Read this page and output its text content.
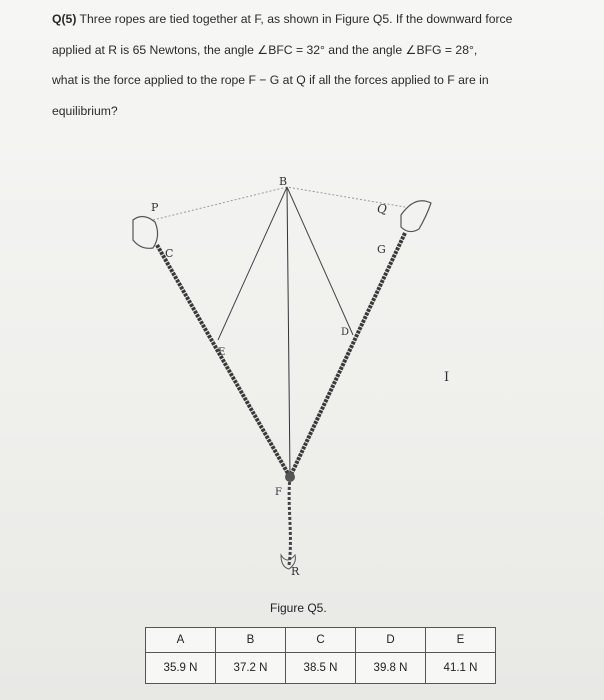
Q(5) Three ropes are tied together at F, as shown in Figure Q5. If the downward force
applied at R is 65 Newtons, the angle ∠BFC = 32° and the angle ∠BFG = 28°,
what is the force applied to the rope F − G at Q if all the forces applied to F are in
equilibrium?
P
C
B
Q
G
E
D
F
R
Figure Q5.
I
A	B	C	D	E
35.9 N	37.2 N	38.5 N	39.8 N	41.1 N
